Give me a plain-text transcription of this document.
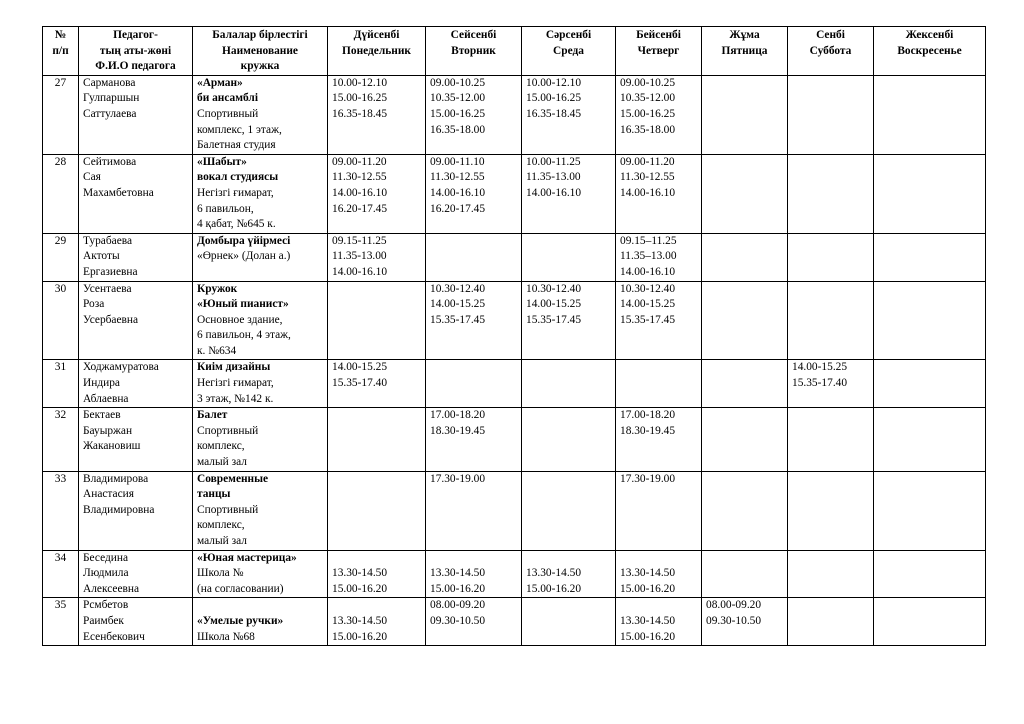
№
п/п	Педагог-
тың аты-жөні
Ф.И.О педагога	Балалар бірлестігі
Наименование
кружка	Дүйсенбі
Понедельник	Сейсенбі
Вторник	Сәрсенбі
Среда	Бейсенбі
Четверг	Жұма
Пятница	Сенбі
Суббота	Жексенбі
Воскресенье

27	Сарманова
Гулпаршын
Саттулаева	«Арман»
би ансамблі
Спортивный
комплекс, 1 этаж,
Балетная студия	10.00-12.10
15.00-16.25
16.35-18.45	09.00-10.25
10.35-12.00
15.00-16.25
16.35-18.00	10.00-12.10
15.00-16.25
16.35-18.45	09.00-10.25
10.35-12.00
15.00-16.25
16.35-18.00			

28	Сейтимова
Сая
Махамбетовна	«Шабыт»
вокал студиясы
Негізгі ғимарат,
6 павильон,
4 қабат, №645 к.	09.00-11.20
11.30-12.55
14.00-16.10
16.20-17.45	09.00-11.10
11.30-12.55
14.00-16.10
16.20-17.45	10.00-11.25
11.35-13.00
14.00-16.10	09.00-11.20
11.30-12.55
14.00-16.10			

29	Турабаева
Актоты
Ергазиевна	Домбыра үйірмесі
«Өрнек» (Долан а.)	09.15-11.25
11.35-13.00
14.00-16.10			09.15–11.25
11.35–13.00
14.00-16.10			

30	Усентаева
Роза
Усербаевна	Кружок
«Юный пианист»
Основное здание,
6 павильон, 4 этаж,
к. №634		10.30-12.40
14.00-15.25
15.35-17.45	10.30-12.40
14.00-15.25
15.35-17.45	10.30-12.40
14.00-15.25
15.35-17.45			

31	Ходжамуратова
Индира
Аблаевна	Киім дизайны
Негізгі ғимарат,
3 этаж, №142 к.	14.00-15.25
15.35-17.40					14.00-15.25
15.35-17.40	

32	Бектаев
Бауыржан
Жакановиш	Балет
Спортивный
комплекс,
малый зал		17.00-18.20
18.30-19.45		17.00-18.20
18.30-19.45			

33	Владимирова
Анастасия
Владимировна	Современные
танцы
Спортивный
комплекс,
малый зал		17.30-19.00		17.30-19.00			

34	Беседина
Людмила
Алексеевна	«Юная мастерица»
Школа №
(на согласовании)	13.30-14.50
15.00-16.20	13.30-14.50
15.00-16.20	13.30-14.50
15.00-16.20	13.30-14.50
15.00-16.20			

35	Рсмбетов
Раимбек
Есенбекович	«Умелые ручки»
Школа №68	13.30-14.50
15.00-16.20	08.00-09.20
09.30-10.50		13.30-14.50
15.00-16.20	08.00-09.20
09.30-10.50		
